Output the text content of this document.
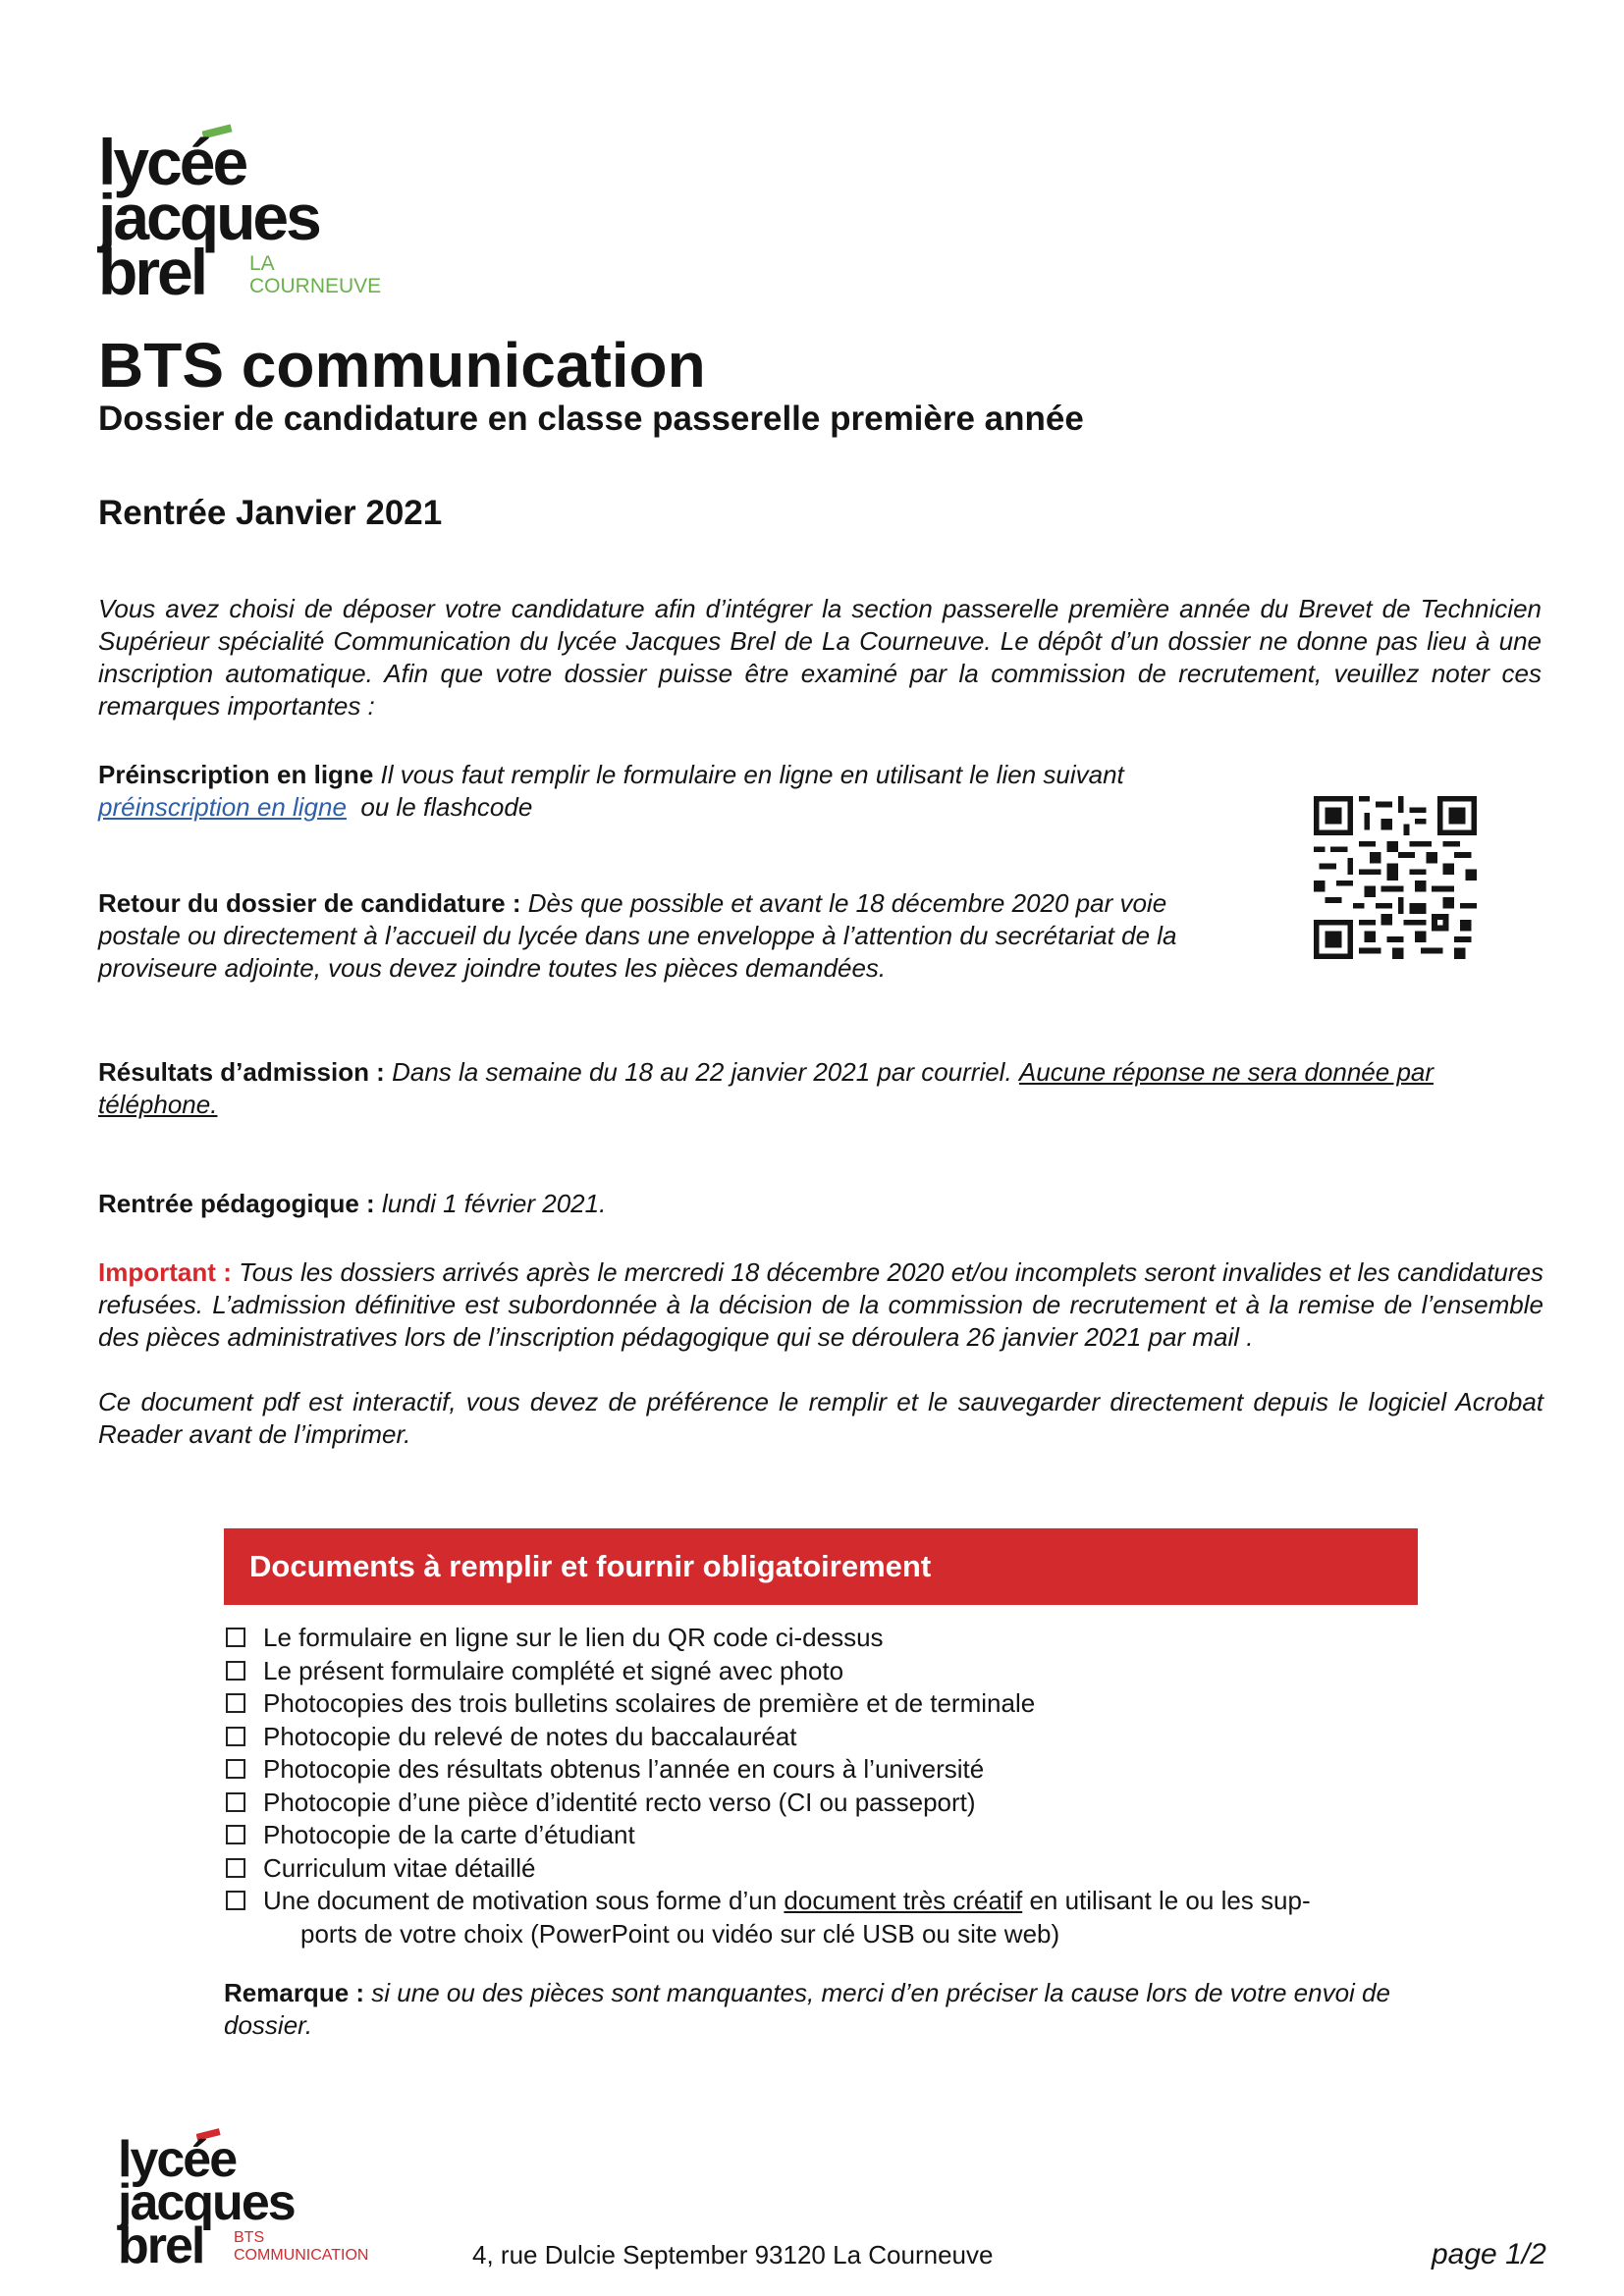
lycée
jacques
brel LA
COURNEUVE
BTS communication
Dossier de candidature en classe passerelle première année
Rentrée Janvier 2021
Vous avez choisi de déposer votre candidature afin d’intégrer la section passerelle première année du Brevet de Technicien Supérieur spécialité Communication du lycée Jacques Brel de La Courneuve. Le dépôt d’un dossier ne donne pas lieu à une inscription automatique. Afin que votre dossier puisse être examiné par la commission de recrutement, veuillez noter ces remarques importantes :
Préinscription en ligne Il vous faut remplir le formulaire en ligne en utilisant le lien suivant
préinscription en ligne ou le flashcode
Retour du dossier de candidature : Dès que possible et avant le 18 décembre 2020 par voie postale ou directement à l’accueil du lycée dans une enveloppe à l’attention du secrétariat de la proviseure adjointe, vous devez joindre toutes les pièces demandées.
Résultats d’admission : Dans la semaine du 18 au 22 janvier 2021 par courriel. Aucune réponse ne sera donnée par téléphone.
Rentrée pédagogique : lundi 1 février 2021.
Important : Tous les dossiers arrivés après le mercredi 18 décembre 2020 et/ou incomplets seront invalides et les candidatures refusées. L’admission définitive est subordonnée à la décision de la commission de recrutement et à la remise de l’ensemble des pièces administratives lors de l’inscription pédagogique qui se déroulera 26 janvier 2021 par mail .
Ce document pdf est interactif, vous devez de préférence le remplir et le sauvegarder directement depuis le logiciel Acrobat Reader avant de l’imprimer.
Documents à remplir et fournir obligatoirement
Le formulaire en ligne sur le lien du QR code ci-dessus
Le présent formulaire complété et signé avec photo
Photocopies des trois bulletins scolaires de première et de terminale
Photocopie du relevé de notes du baccalauréat
Photocopie des résultats obtenus l’année en cours à l’université
Photocopie d’une pièce d’identité recto verso (CI ou passeport)
Photocopie de la carte d’étudiant
Curriculum vitae détaillé
Une document de motivation sous forme d’un document très créatif en utilisant le ou les sup-
ports de votre choix (PowerPoint ou vidéo sur clé USB ou site web)
Remarque : si une ou des pièces sont manquantes, merci d’en préciser la cause lors de votre envoi de dossier.
lycée
jacques
brel BTS
COMMUNICATION	4, rue Dulcie September 93120 La Courneuve	page 1/2
